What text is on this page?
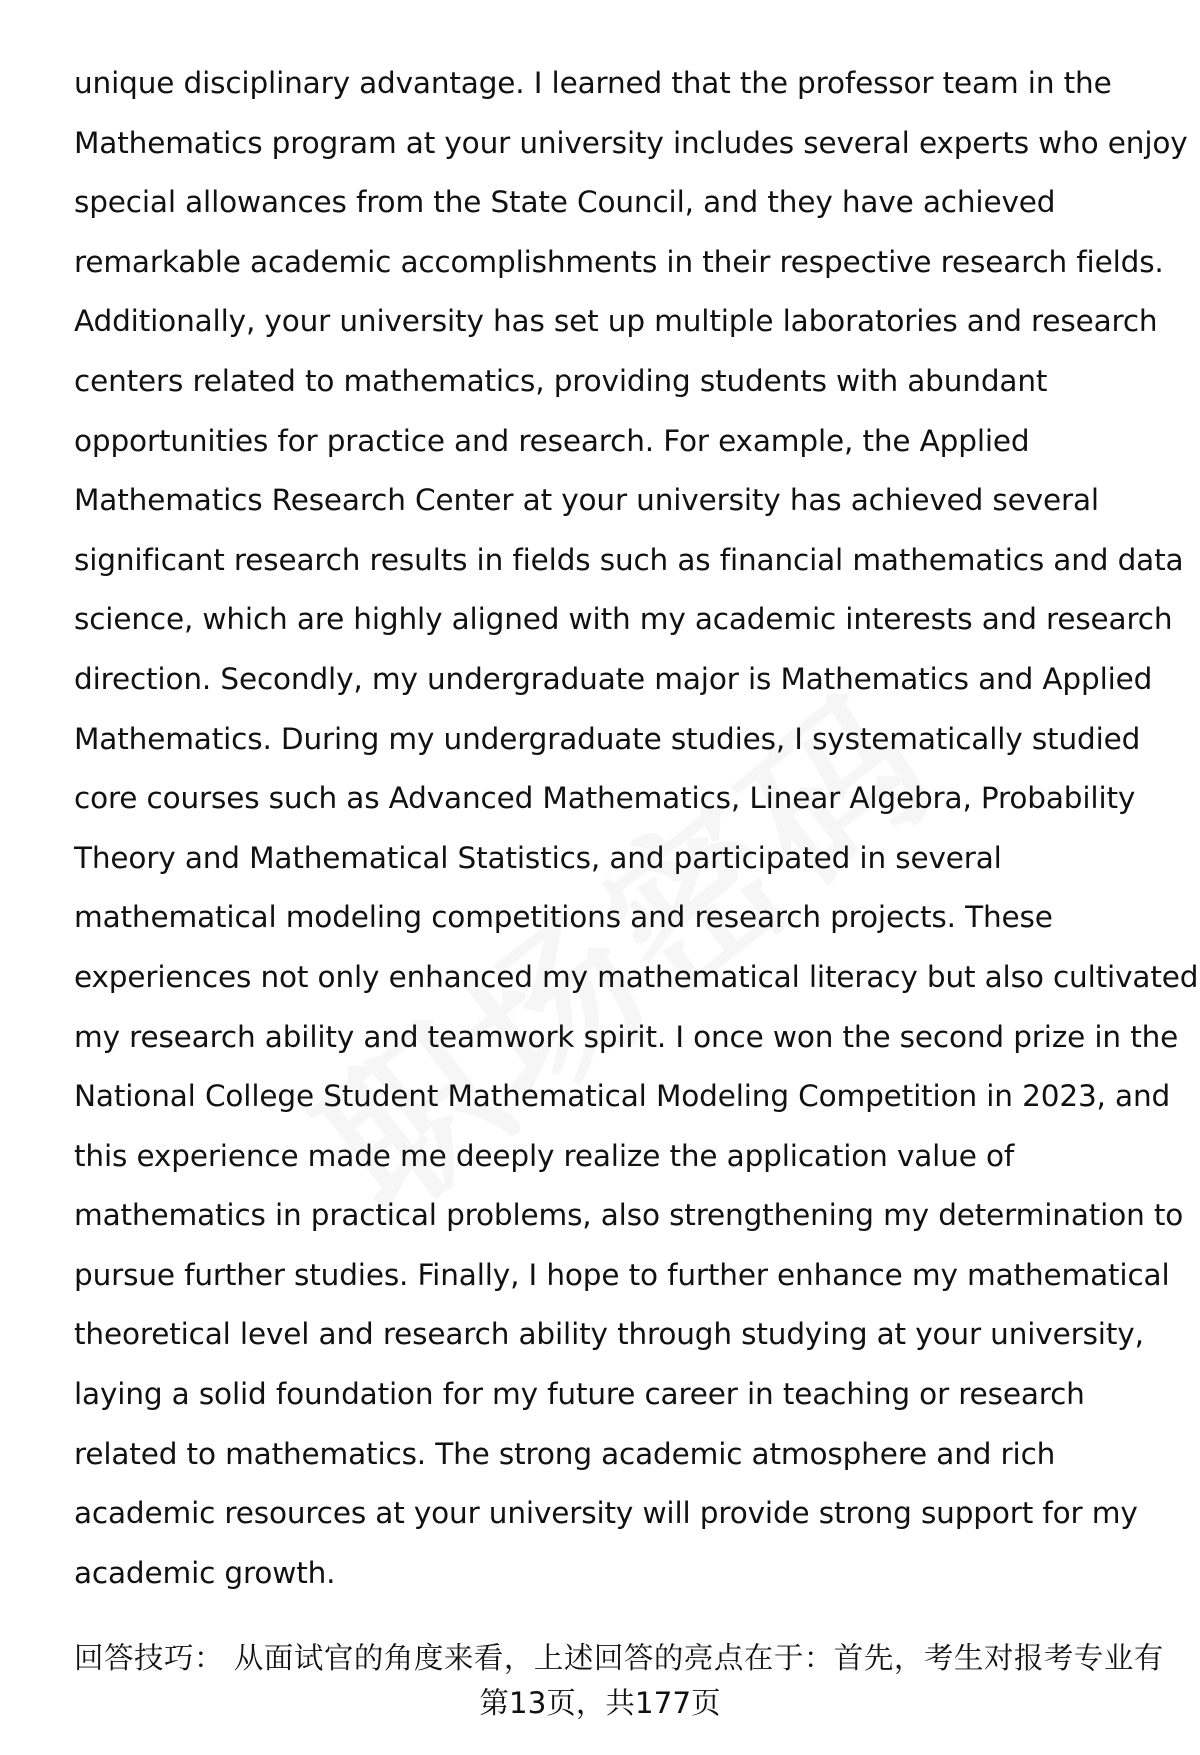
unique disciplinary advantage. I learned that the professor team in the
Mathematics program at your university includes several experts who enjoy
special allowances from the State Council, and they have achieved
remarkable academic accomplishments in their respective research fields.
Additionally, your university has set up multiple laboratories and research
centers related to mathematics, providing students with abundant
opportunities for practice and research. For example, the Applied
Mathematics Research Center at your university has achieved several
significant research results in fields such as financial mathematics and data
science, which are highly aligned with my academic interests and research
direction. Secondly, my undergraduate major is Mathematics and Applied
Mathematics. During my undergraduate studies, I systematically studied
core courses such as Advanced Mathematics, Linear Algebra, Probability
Theory and Mathematical Statistics, and participated in several
mathematical modeling competitions and research projects. These
experiences not only enhanced my mathematical literacy but also cultivated
my research ability and teamwork spirit. I once won the second prize in the
National College Student Mathematical Modeling Competition in 2023, and
this experience made me deeply realize the application value of
mathematics in practical problems, also strengthening my determination to
pursue further studies. Finally, I hope to further enhance my mathematical
theoretical level and research ability through studying at your university,
laying a solid foundation for my future career in teaching or research
related to mathematics. The strong academic atmosphere and rich
academic resources at your university will provide strong support for my
academic growth.
回答技巧： 从面试官的角度来看，上述回答的亮点在于：首先，考生对报考专业有
第13页，共177页
